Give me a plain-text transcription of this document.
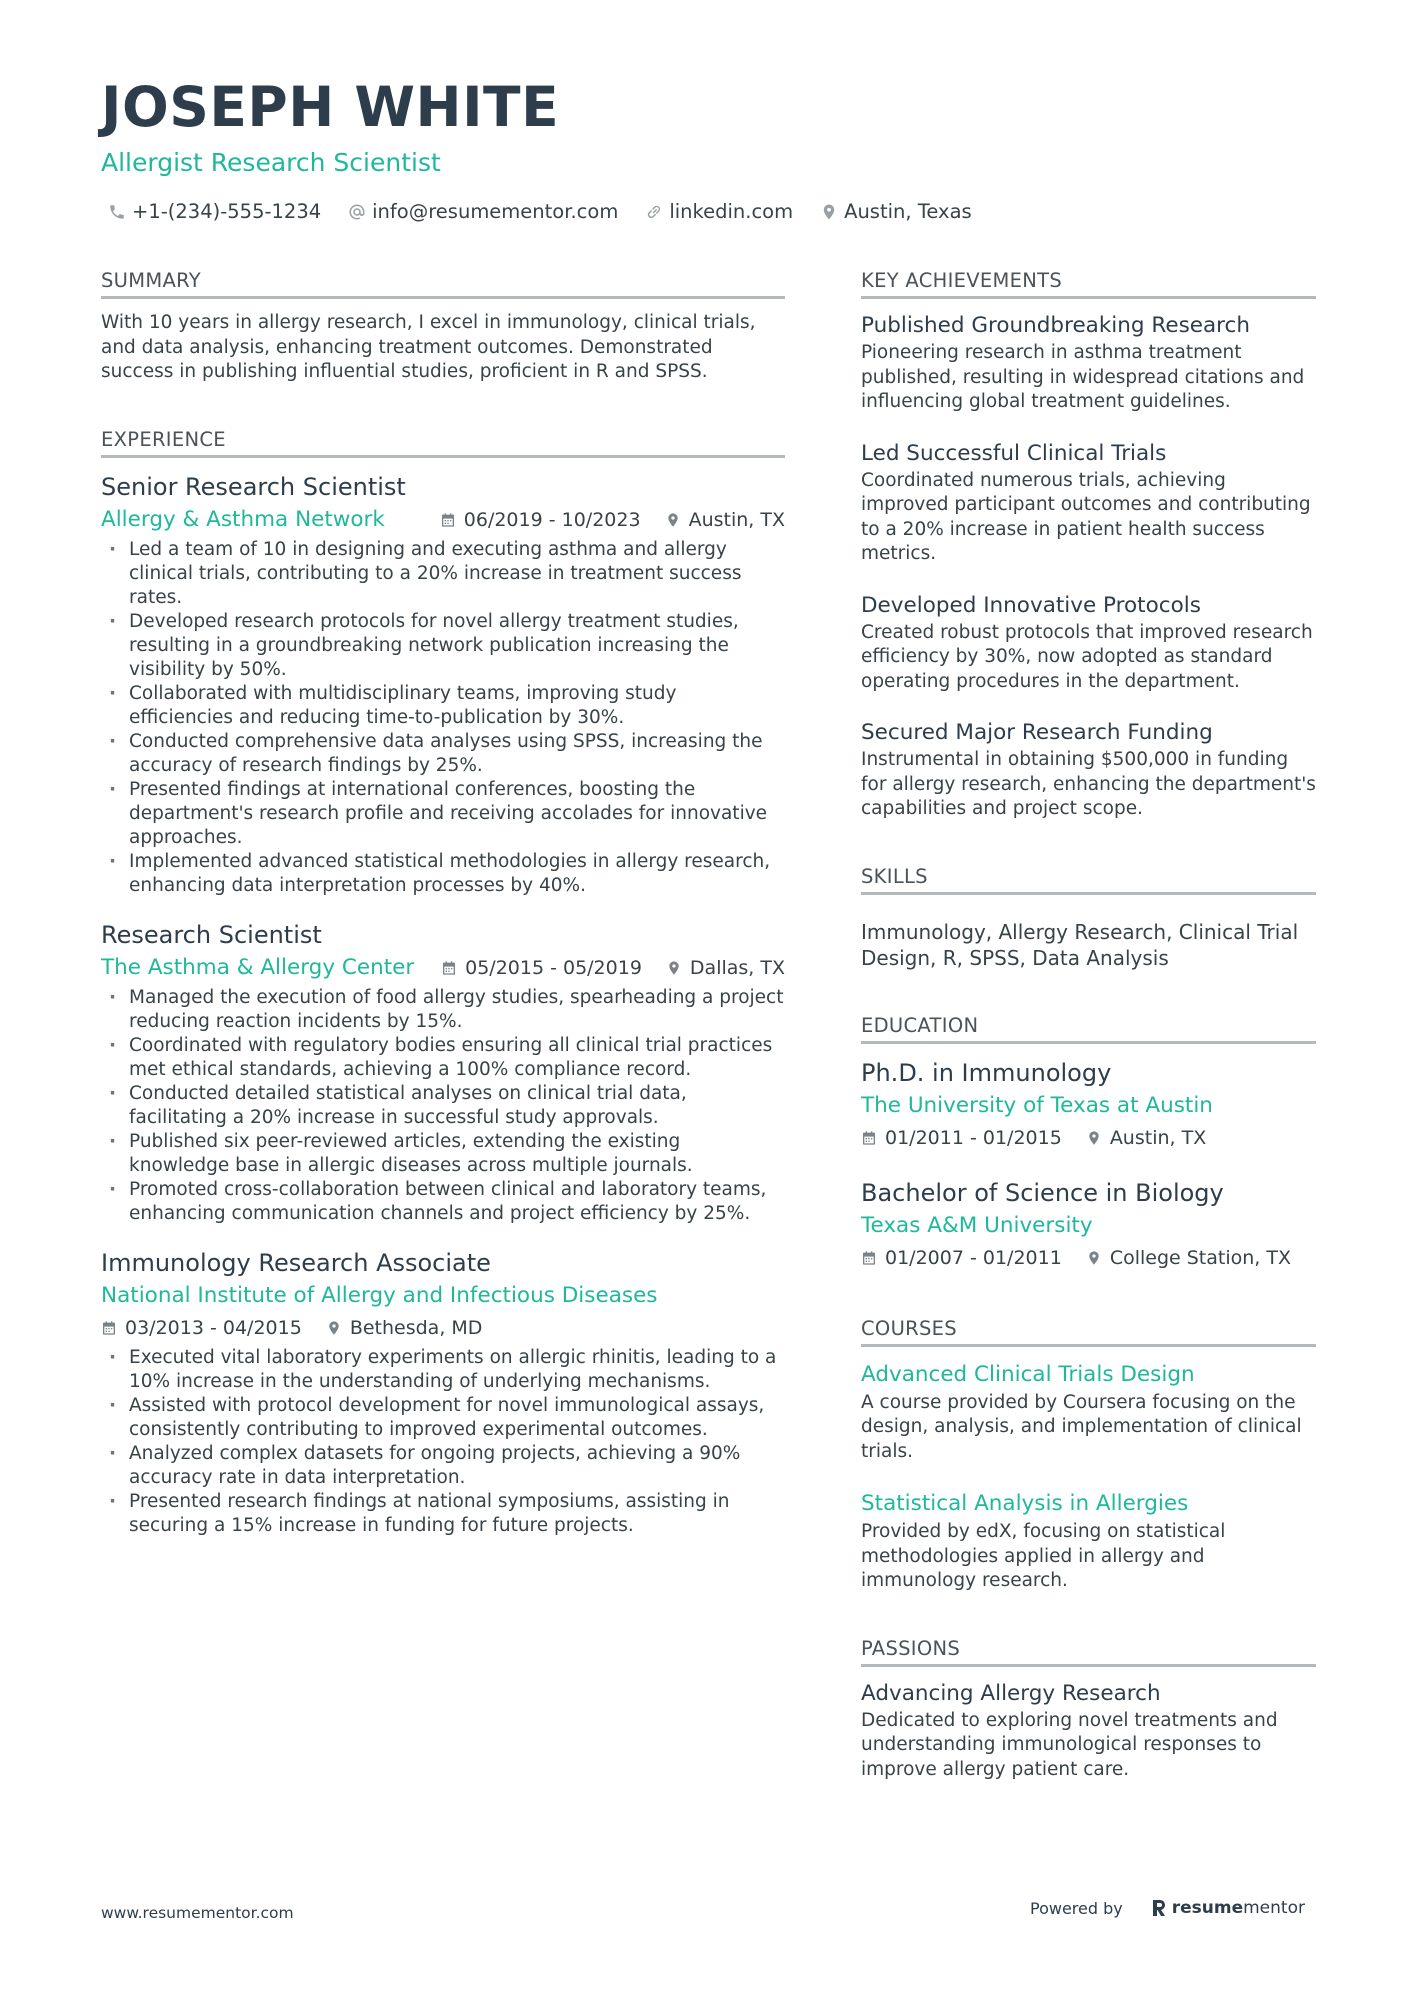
JOSEPH WHITE
Allergist Research Scientist
+1-(234)-555-1234	info@resumementor.com	linkedin.com	Austin, Texas
SUMMARY
With 10 years in allergy research, I excel in immunology, clinical trials, and data analysis, enhancing treatment outcomes. Demonstrated success in publishing influential studies, proficient in R and SPSS.
EXPERIENCE
Senior Research Scientist
Allergy & Asthma Network	06/2019 - 10/2023	Austin, TX
· Led a team of 10 in designing and executing asthma and allergy clinical trials, contributing to a 20% increase in treatment success rates.
· Developed research protocols for novel allergy treatment studies, resulting in a groundbreaking network publication increasing the visibility by 50%.
· Collaborated with multidisciplinary teams, improving study efficiencies and reducing time-to-publication by 30%.
· Conducted comprehensive data analyses using SPSS, increasing the accuracy of research findings by 25%.
· Presented findings at international conferences, boosting the department's research profile and receiving accolades for innovative approaches.
· Implemented advanced statistical methodologies in allergy research, enhancing data interpretation processes by 40%.
Research Scientist
The Asthma & Allergy Center	05/2015 - 05/2019	Dallas, TX
· Managed the execution of food allergy studies, spearheading a project reducing reaction incidents by 15%.
· Coordinated with regulatory bodies ensuring all clinical trial practices met ethical standards, achieving a 100% compliance record.
· Conducted detailed statistical analyses on clinical trial data, facilitating a 20% increase in successful study approvals.
· Published six peer-reviewed articles, extending the existing knowledge base in allergic diseases across multiple journals.
· Promoted cross-collaboration between clinical and laboratory teams, enhancing communication channels and project efficiency by 25%.
Immunology Research Associate
National Institute of Allergy and Infectious Diseases
03/2013 - 04/2015	Bethesda, MD
· Executed vital laboratory experiments on allergic rhinitis, leading to a 10% increase in the understanding of underlying mechanisms.
· Assisted with protocol development for novel immunological assays, consistently contributing to improved experimental outcomes.
· Analyzed complex datasets for ongoing projects, achieving a 90% accuracy rate in data interpretation.
· Presented research findings at national symposiums, assisting in securing a 15% increase in funding for future projects.
KEY ACHIEVEMENTS
Published Groundbreaking Research
Pioneering research in asthma treatment published, resulting in widespread citations and influencing global treatment guidelines.
Led Successful Clinical Trials
Coordinated numerous trials, achieving improved participant outcomes and contributing to a 20% increase in patient health success metrics.
Developed Innovative Protocols
Created robust protocols that improved research efficiency by 30%, now adopted as standard operating procedures in the department.
Secured Major Research Funding
Instrumental in obtaining $500,000 in funding for allergy research, enhancing the department's capabilities and project scope.
SKILLS
Immunology, Allergy Research, Clinical Trial Design, R, SPSS, Data Analysis
EDUCATION
Ph.D. in Immunology
The University of Texas at Austin
01/2011 - 01/2015	Austin, TX
Bachelor of Science in Biology
Texas A&M University
01/2007 - 01/2011	College Station, TX
COURSES
Advanced Clinical Trials Design
A course provided by Coursera focusing on the design, analysis, and implementation of clinical trials.
Statistical Analysis in Allergies
Provided by edX, focusing on statistical methodologies applied in allergy and immunology research.
PASSIONS
Advancing Allergy Research
Dedicated to exploring novel treatments and understanding immunological responses to improve allergy patient care.
www.resumementor.com	Powered by	resume mentor
